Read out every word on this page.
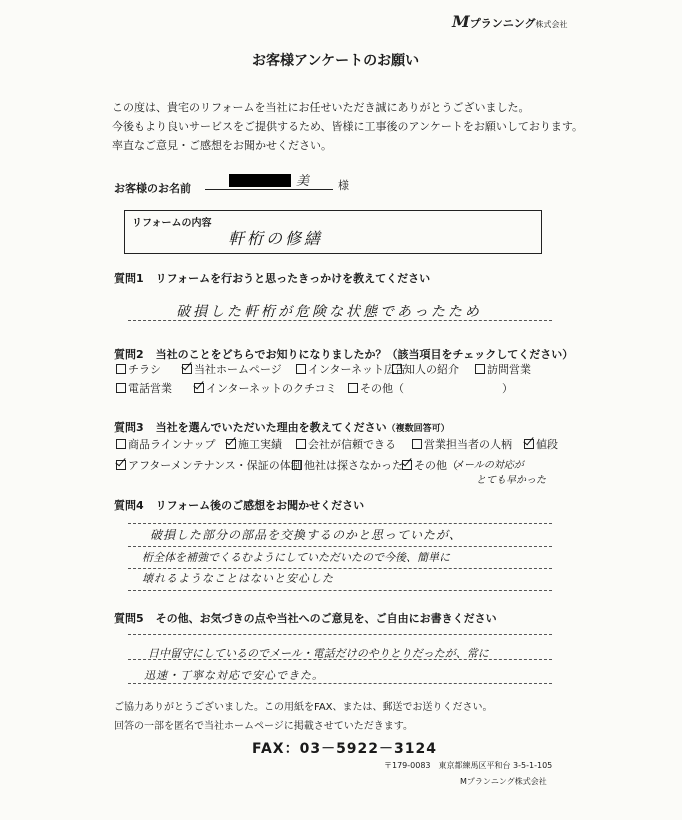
Mプランニング株式会社
お客様アンケートのお願い
この度は、貴宅のリフォームを当社にお任せいただき誠にありがとうございました。
今後もより良いサービスをご提供するため、皆様に工事後のアンケートをお願いしております。
率直なご意見・ご感想をお聞かせください。
お客様のお名前	美	様
リフォームの内容
軒桁の修繕
質問1 リフォームを行おうと思ったきっかけを教えてください
破損した軒桁が危険な状態であったため
質問2 当社のことをどちらでお知りになりましたか？（該当項目をチェックしてください）
チラシ	当社ホームページ	インターネット広告
知人の紹介	訪問営業
電話営業	インターネットのクチコミ	その他（	）
質問3 当社を選んでいただいた理由を教えてください（複数回答可）
商品ラインナップ	施工実績	会社が信頼できる	営業担当者の人柄	値段
アフターメンテナンス・保証の体制 他社は探さなかった	その他（
メールの対応が
とても早かった
質問4 リフォーム後のご感想をお聞かせください
破損した部分の部品を交換するのかと思っていたが、
桁全体を補強でくるむようにしていただいたので今後、簡単に
壊れるようなことはないと安心した
質問5 その他、お気づきの点や当社へのご意見を、ご自由にお書きください
日中留守にしているのでメール・電話だけのやりとりだったが、常に
迅速・丁寧な対応で安心できた。
ご協力ありがとうございました。この用紙をFAX、または、郵送でお送りください。
回答の一部を匿名で当社ホームページに掲載させていただきます。
FAX：03－5922－3124
〒179-0083　東京都練馬区平和台 3-5-1-105
Mプランニング株式会社
